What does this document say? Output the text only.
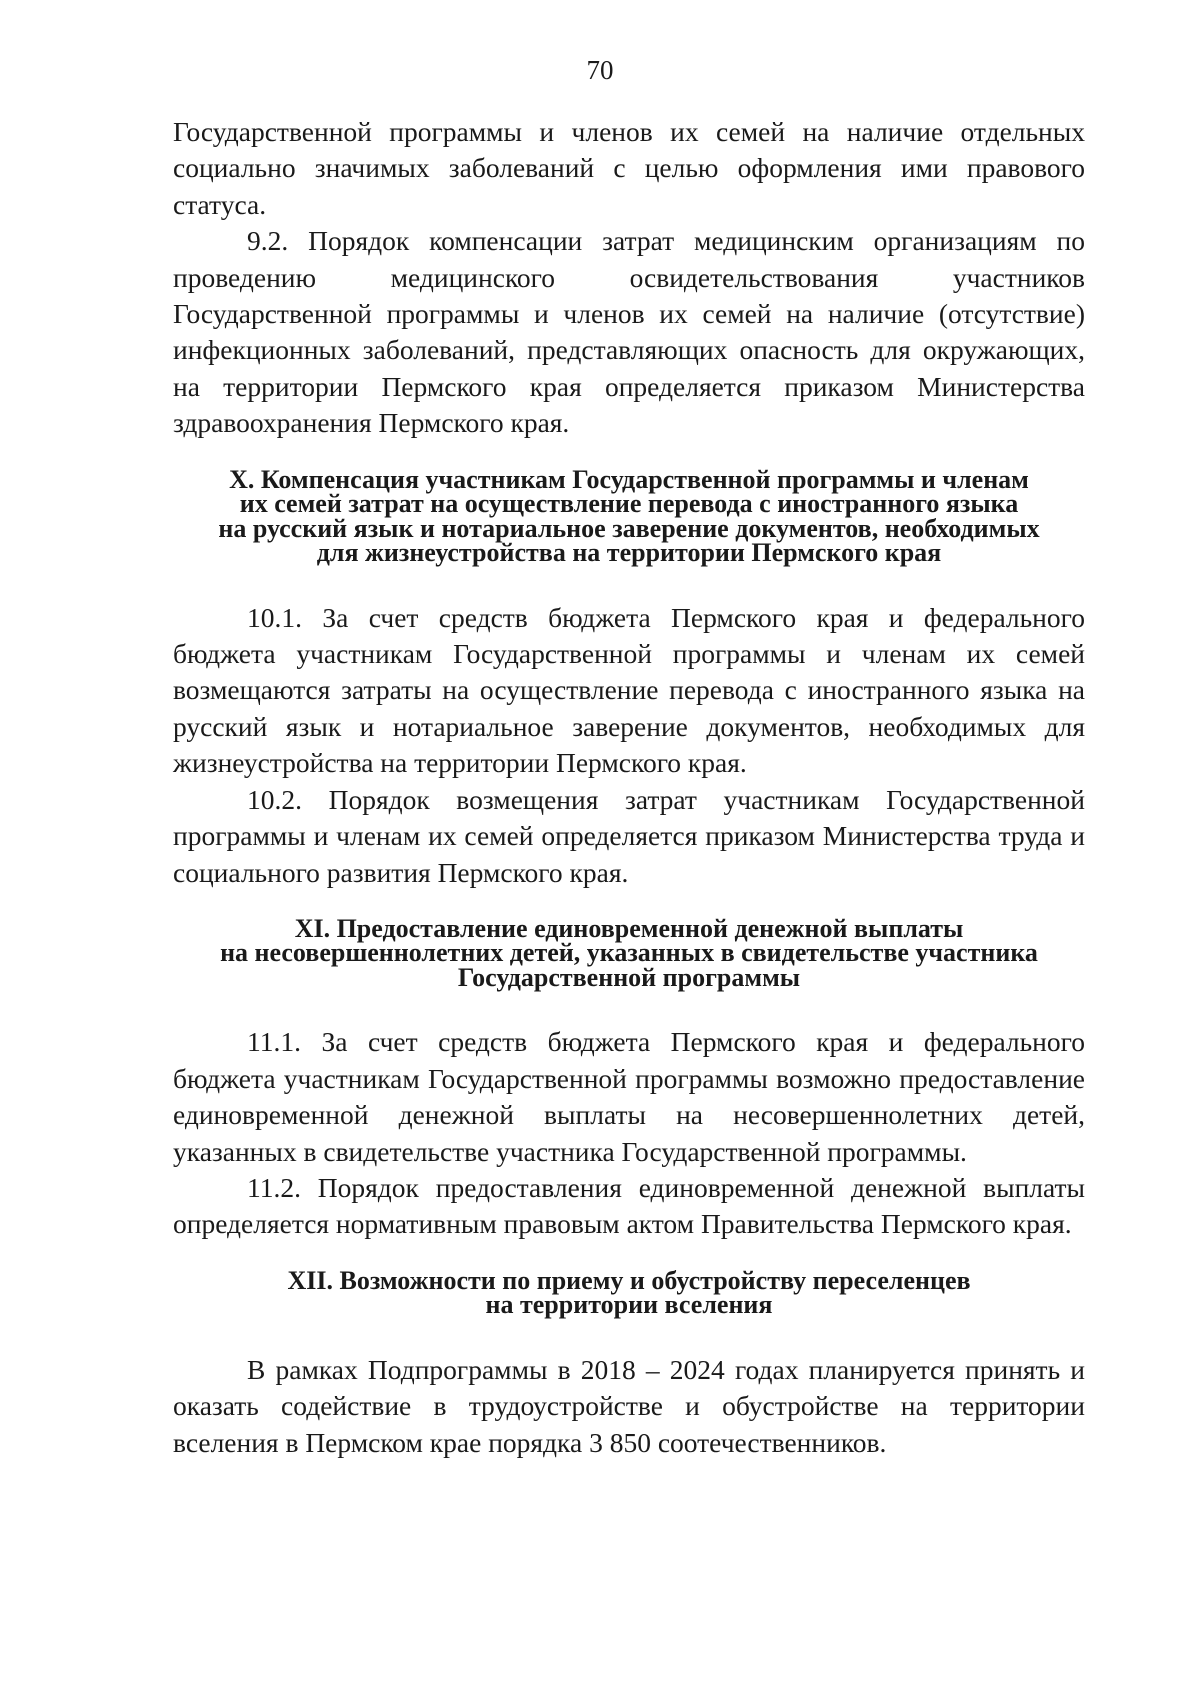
70

Государственной программы и членов их семей на наличие отдельных социально значимых заболеваний с целью оформления ими правового статуса.

9.2. Порядок компенсации затрат медицинским организациям по проведению медицинского освидетельствования участников Государственной программы и членов их семей на наличие (отсутствие) инфекционных заболеваний, представляющих опасность для окружающих, на территории Пермского края определяется приказом Министерства здравоохранения Пермского края.

X. Компенсация участникам Государственной программы и членам
их семей затрат на осуществление перевода с иностранного языка
на русский язык и нотариальное заверение документов, необходимых
для жизнеустройства на территории Пермского края

10.1. За счет средств бюджета Пермского края и федерального бюджета участникам Государственной программы и членам их семей возмещаются затраты на осуществление перевода с иностранного языка на русский язык и нотариальное заверение документов, необходимых для жизнеустройства на территории Пермского края.

10.2. Порядок возмещения затрат участникам Государственной программы и членам их семей определяется приказом Министерства труда и социального развития Пермского края.

XI. Предоставление единовременной денежной выплаты
на несовершеннолетних детей, указанных в свидетельстве участника
Государственной программы

11.1. За счет средств бюджета Пермского края и федерального бюджета участникам Государственной программы возможно предоставление единовременной денежной выплаты на несовершеннолетних детей, указанных в свидетельстве участника Государственной программы.

11.2. Порядок предоставления единовременной денежной выплаты определяется нормативным правовым актом Правительства Пермского края.

XII. Возможности по приему и обустройству переселенцев
на территории вселения

В рамках Подпрограммы в 2018 – 2024 годах планируется принять и оказать содействие в трудоустройстве и обустройстве на территории вселения в Пермском крае порядка 3 850 соотечественников.
